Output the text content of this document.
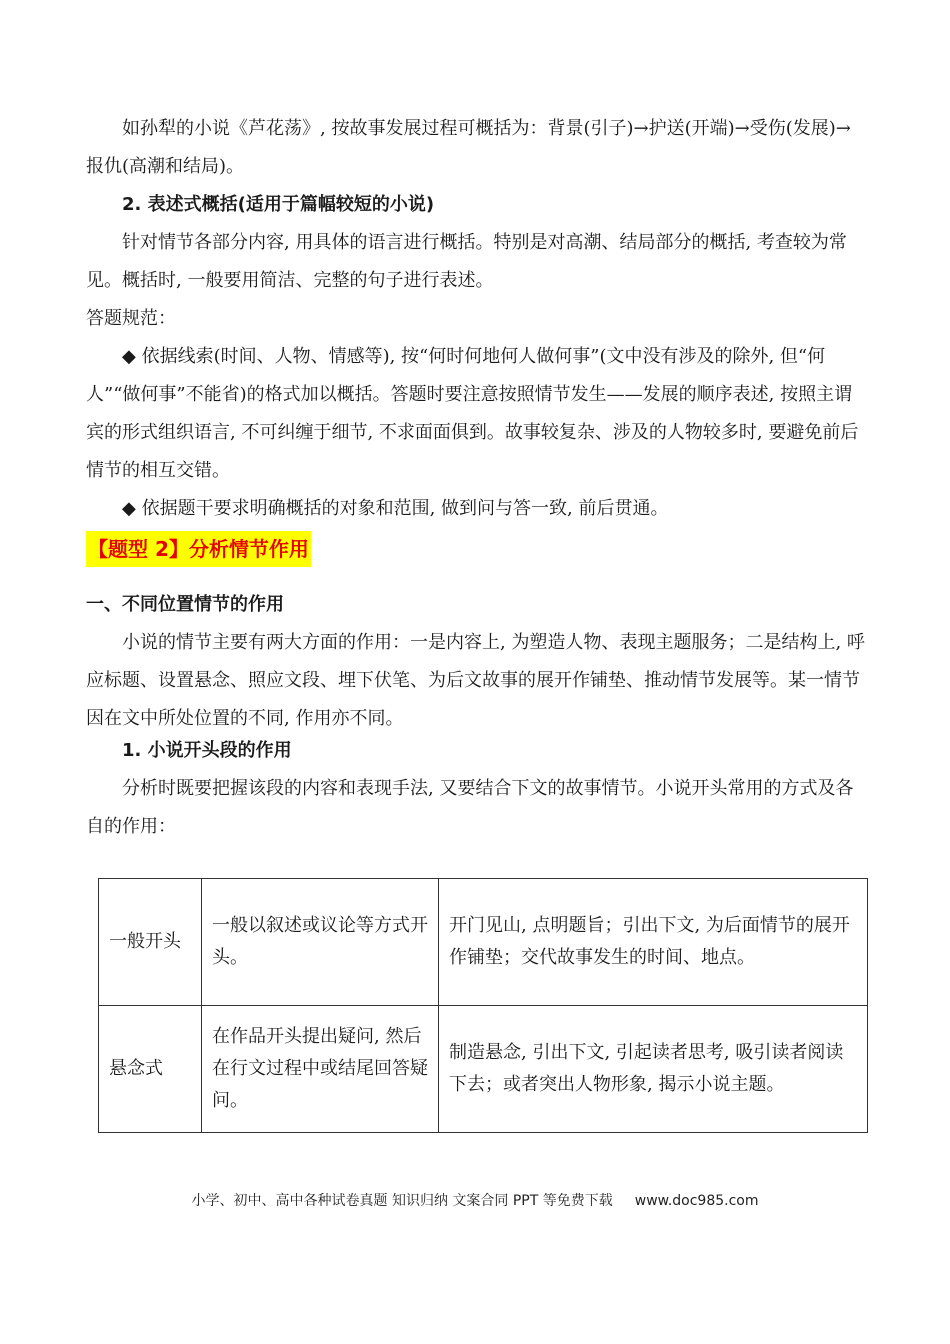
如孙犁的小说《芦花荡》, 按故事发展过程可概括为：背景(引子)→护送(开端)→受伤(发展)→报仇(高潮和结局)。

2. 表述式概括(适用于篇幅较短的小说)

针对情节各部分内容, 用具体的语言进行概括。特别是对高潮、结局部分的概括, 考查较为常见。概括时, 一般要用简洁、完整的句子进行表述。

答题规范：

◆ 依据线索(时间、人物、情感等), 按“何时何地何人做何事”(文中没有涉及的除外, 但“何人”“做何事”不能省)的格式加以概括。答题时要注意按照情节发生——发展的顺序表述, 按照主谓宾的形式组织语言, 不可纠缠于细节, 不求面面俱到。故事较复杂、涉及的人物较多时, 要避免前后情节的相互交错。

◆ 依据题干要求明确概括的对象和范围, 做到问与答一致, 前后贯通。

【题型 2】分析情节作用

一、不同位置情节的作用

小说的情节主要有两大方面的作用：一是内容上, 为塑造人物、表现主题服务；二是结构上, 呼应标题、设置悬念、照应文段、埋下伏笔、为后文故事的展开作铺垫、推动情节发展等。某一情节因在文中所处位置的不同, 作用亦不同。

1. 小说开头段的作用

分析时既要把握该段的内容和表现手法, 又要结合下文的故事情节。小说开头常用的方式及各自的作用：

一般开头	一般以叙述或议论等方式开头。	开门见山, 点明题旨；引出下文, 为后面情节的展开作铺垫；交代故事发生的时间、地点。
悬念式	在作品开头提出疑问, 然后在行文过程中或结尾回答疑问。	制造悬念, 引出下文, 引起读者思考, 吸引读者阅读下去；或者突出人物形象, 揭示小说主题。
小学、初中、高中各种试卷真题 知识归纳 文案合同 PPT 等免费下载 www.doc985.com
